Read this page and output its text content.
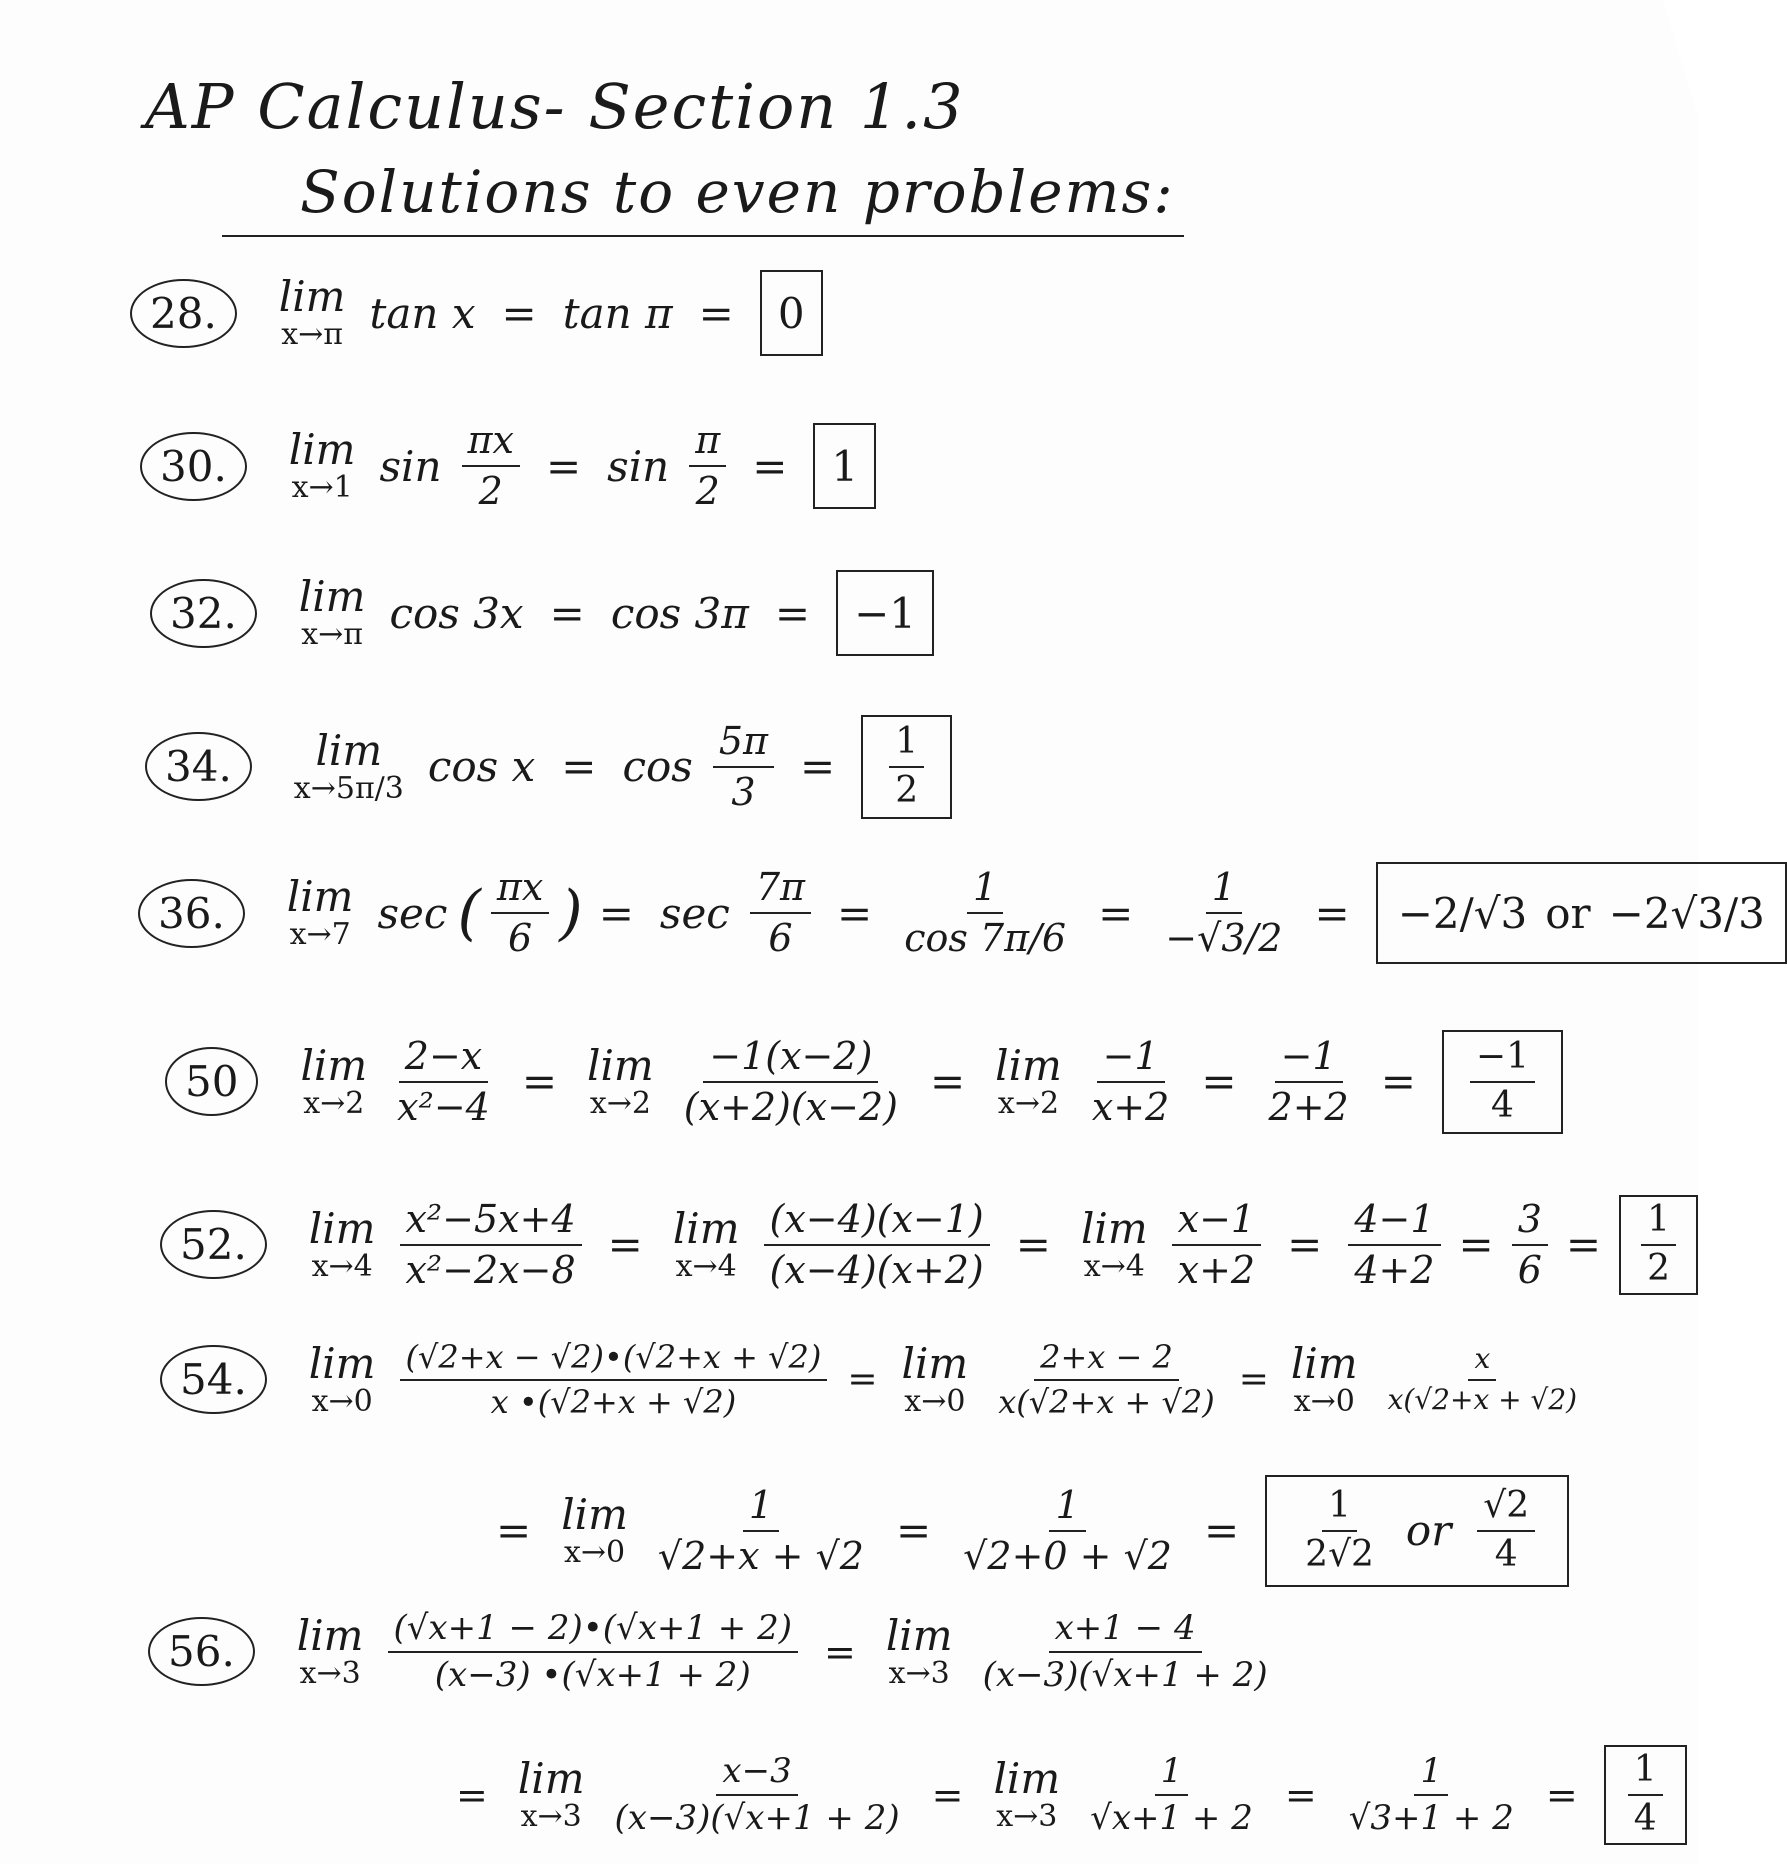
AP Calculus- Section 1.3
Solutions to even problems:
28.	lim
x→π tan x = tan π =	0
30.	lim
x→1 $\sin \frac{\pi x}{2} = \sin \frac{\pi}{2}$ =	1
32.	lim
x→π cos 3x = cos 3π =	−1
34.	lim
x→5π/3 $\cos x = \cos \frac{5\pi}{3} = \frac{1}{2}$
36.	lim
x→7 sec ( $\frac{\pi x}{6}$ ) = $\sec \frac{7\pi}{6} = \frac{1}{\cos 7\pi/6} = \frac{1}{-√3/2} = -2/√3$ or −2√3/3
50	lim
$x\to 2 \frac{2-x}{\text{x²−4}} = \lim$
$x\to 2 \frac{-1(x-2)}{(x+2)(x-2)} = \lim$
$x\to 2 \frac{-1}{x+2} = \frac{-1}{2+2} = \frac{-1}{4}$
52.	lim
$x\to 4 \frac{\text{x²−5x+4}}{\text{x²−2x−8}} = \lim$
$x\to 4 \frac{(x-4)(x-1)}{(x-4)(x+2)} = \lim$
$x\to 4 \frac{x-1}{x+2} = \frac{4-1}{4+2} = \frac{3}{6} = \frac{1}{2}$
54.	lim
$x\to 0 \frac{(√2+x - √2)•(√2+x + √2)}{x •(√2+x + √2)} = \lim$
$x\to 0 \frac{2+x - 2}{x(√2+x + √2)} = \lim$
$x\to 0 \frac{x}{x(√2+x + √2)}$
= lim
$x\to 0 \frac{1}{√2+x + √2} = \frac{1}{√2+0 + √2} = \frac{1}{2√2}$ or $\frac{√2}{4}$
56.	lim
$x\to 3 \frac{(√x+1 - 2)•(√x+1 + 2)}{(x-3) •(√x+1 + 2)} = \lim$
$x\to 3 \frac{x+1 - 4}{(x-3)(√x+1 + 2)}$
= lim
$x\to 3 \frac{x-3}{(x-3)(√x+1 + 2)} = \lim$
$x\to 3 \frac{1}{√x+1 + 2} = \frac{1}{√3+1 + 2} = \frac{1}{4}$
